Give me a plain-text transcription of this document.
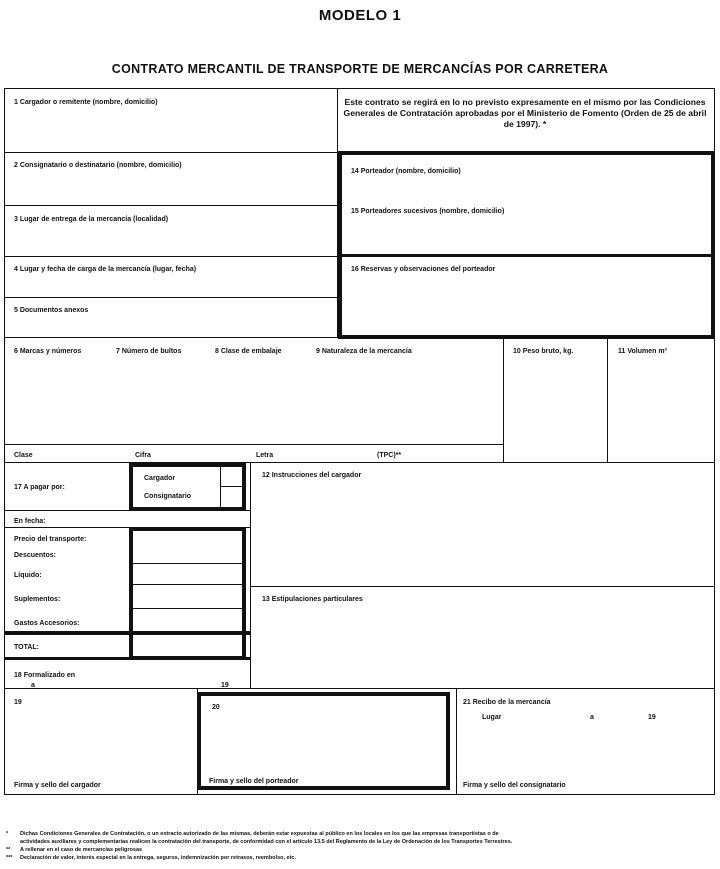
MODELO 1
CONTRATO MERCANTIL DE TRANSPORTE DE MERCANCÍAS POR CARRETERA
Este contrato se regirá en lo no previsto expresamente en el mismo por las Condiciones Generales de Contratación aprobadas por el Ministerio de Fomento (Orden de 25 de abril de 1997). *
1 Cargador o remitente (nombre, domicilio)
2 Consignatario o destinatario (nombre, domicilio)
3 Lugar de entrega de la mercancía (localidad)
4 Lugar y fecha de carga de la mercancía (lugar, fecha)
5 Documentos anexos
14 Porteador (nombre, domicilio)
15 Porteadores sucesivos (nombre, domicilio)
16 Reservas y observaciones del porteador
6 Marcas y números	7 Número de bultos	8 Clase de embalaje	9 Naturaleza de la mercancía	10 Peso bruto, kg.	11 Volumen m³
Clase	Cifra	Letra	(TPC)**
17 A pagar por:
Cargador
Consignatario
En fecha:
Precio del transporte:
Descuentos:
Líquido:
Suplementos:
Gastos Accesorios:
TOTAL:
12 Instrucciones del cargador
13 Estipulaciones particulares
18 Formalizado en
a	19
19
20
21 Recibo de la mercancía
Lugar	a	19
Firma y sello del cargador
Firma y sello del porteador
Firma y sello del consignatario
* Dichas Condiciones Generales de Contratación, o un extracto autorizado de las mismas, deberán estar expuestas al público en los locales en los que las empresas transportistas o de
actividades auxiliares y complementarias realicen la contratación del transporte, de conformidad con el artículo 13.5 del Reglamento de la Ley de Ordenación de los Transportes Terrestres.
** A rellenar en el caso de mercancías peligrosas
*** Declaración de valor, interés especial en la entrega, seguros, indemnización por retrasos, reembolso, etc.
